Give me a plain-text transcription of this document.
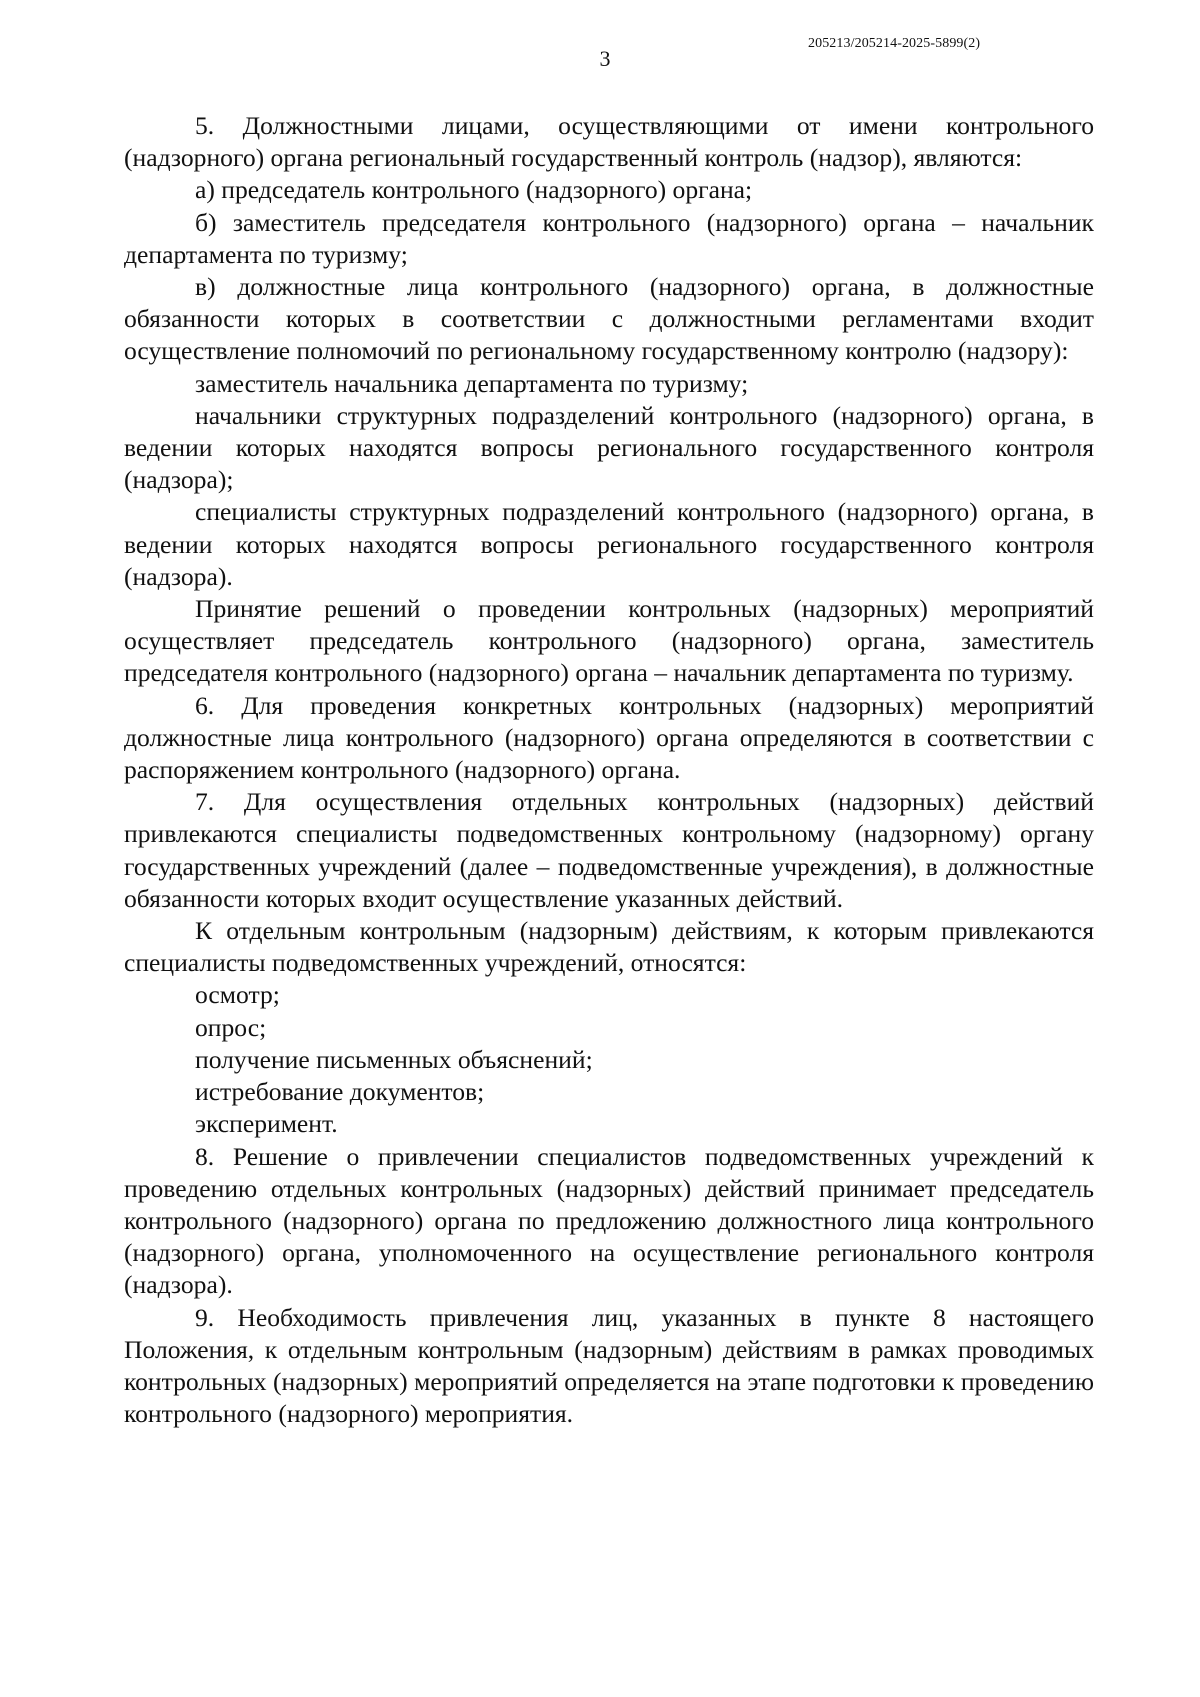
205213/205214-2025-5899(2)
3

5. Должностными лицами, осуществляющими от имени контрольного (надзорного) органа региональный государственный контроль (надзор), являются:

а) председатель контрольного (надзорного) органа;

б) заместитель председателя контрольного (надзорного) органа – начальник департамента по туризму;

в) должностные лица контрольного (надзорного) органа, в должностные обязанности которых в соответствии с должностными регламентами входит осуществление полномочий по региональному государственному контролю (надзору):

заместитель начальника департамента по туризму;

начальники структурных подразделений контрольного (надзорного) органа, в ведении которых находятся вопросы регионального государственного контроля (надзора);

специалисты структурных подразделений контрольного (надзорного) органа, в ведении которых находятся вопросы регионального государственного контроля (надзора).

Принятие решений о проведении контрольных (надзорных) мероприятий осуществляет председатель контрольного (надзорного) органа, заместитель председателя контрольного (надзорного) органа – начальник департамента по туризму.

6. Для проведения конкретных контрольных (надзорных) мероприятий должностные лица контрольного (надзорного) органа определяются в соответствии с распоряжением контрольного (надзорного) органа.

7. Для осуществления отдельных контрольных (надзорных) действий привлекаются специалисты подведомственных контрольному (надзорному) органу государственных учреждений (далее – подведомственные учреждения), в должностные обязанности которых входит осуществление указанных действий.

К отдельным контрольным (надзорным) действиям, к которым привлекаются специалисты подведомственных учреждений, относятся:

осмотр;

опрос;

получение письменных объяснений;

истребование документов;

эксперимент.

8. Решение о привлечении специалистов подведомственных учреждений к проведению отдельных контрольных (надзорных) действий принимает председатель контрольного (надзорного) органа по предложению должностного лица контрольного (надзорного) органа, уполномоченного на осуществление регионального контроля (надзора).

9. Необходимость привлечения лиц, указанных в пункте 8 настоящего Положения, к отдельным контрольным (надзорным) действиям в рамках проводимых контрольных (надзорных) мероприятий определяется на этапе подготовки к проведению контрольного (надзорного) мероприятия.
